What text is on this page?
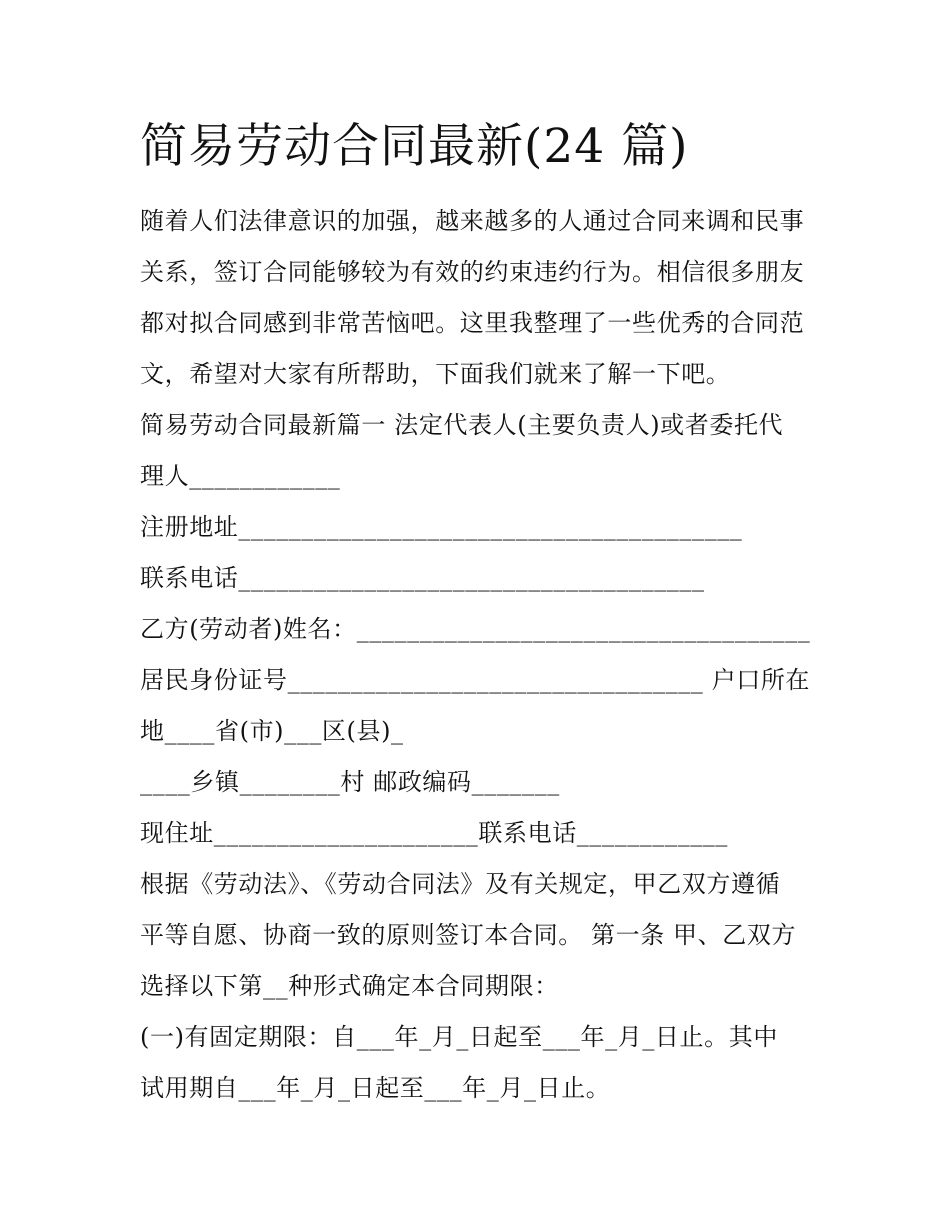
简易劳动合同最新(24 篇)
随着人们法律意识的加强，越来越多的人通过合同来调和民事
关系，签订合同能够较为有效的约束违约行为。相信很多朋友
都对拟合同感到非常苦恼吧。这里我整理了一些优秀的合同范
文，希望对大家有所帮助，下面我们就来了解一下吧。
简易劳动合同最新篇一 法定代表人(主要负责人)或者委托代
理人____________
注册地址________________________________________
联系电话_____________________________________
乙方(劳动者)姓名：____________________________________
居民身份证号_________________________________ 户口所在
地____省(市)___区(县)_
____乡镇________村 邮政编码_______
现住址_____________________联系电话____________
根据《劳动法》、《劳动合同法》及有关规定，甲乙双方遵循
平等自愿、协商一致的原则签订本合同。 第一条 甲、乙双方
选择以下第__种形式确定本合同期限：
(一)有固定期限：自___年_月_日起至___年_月_日止。其中
试用期自___年_月_日起至___年_月_日止。
